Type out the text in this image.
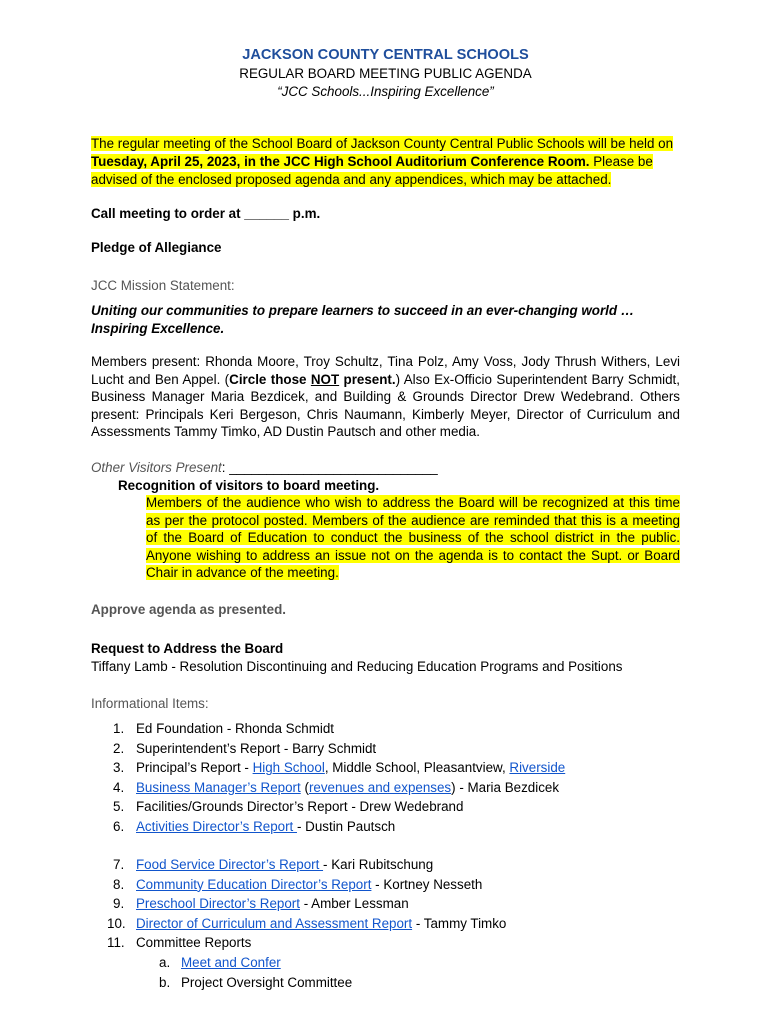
JACKSON COUNTY CENTRAL SCHOOLS
REGULAR BOARD MEETING PUBLIC AGENDA
“JCC Schools...Inspiring Excellence”
The regular meeting of the School Board of Jackson County Central Public Schools will be held on Tuesday, April 25, 2023, in the JCC High School Auditorium Conference Room. Please be advised of the enclosed proposed agenda and any appendices, which may be attached.
Call meeting to order at ______ p.m.
Pledge of Allegiance
JCC Mission Statement:
Uniting our communities to prepare learners to succeed in an ever-changing world … Inspiring Excellence.
Members present: Rhonda Moore, Troy Schultz, Tina Polz, Amy Voss, Jody Thrush Withers, Levi Lucht and Ben Appel. (Circle those NOT present.) Also Ex-Officio Superintendent Barry Schmidt, Business Manager Maria Bezdicek, and Building & Grounds Director Drew Wedebrand. Others present: Principals Keri Bergeson, Chris Naumann, Kimberly Meyer, Director of Curriculum and Assessments Tammy Timko, AD Dustin Pautsch and other media.
Other Visitors Present: ____________________________
Recognition of visitors to board meeting.
Members of the audience who wish to address the Board will be recognized at this time as per the protocol posted. Members of the audience are reminded that this is a meeting of the Board of Education to conduct the business of the school district in the public. Anyone wishing to address an issue not on the agenda is to contact the Supt. or Board Chair in advance of the meeting.
Approve agenda as presented.
Request to Address the Board
Tiffany Lamb - Resolution Discontinuing and Reducing Education Programs and Positions
Informational Items:
1. Ed Foundation - Rhonda Schmidt
2. Superintendent’s Report - Barry Schmidt
3. Principal’s Report - High School, Middle School, Pleasantview, Riverside
4. Business Manager’s Report (revenues and expenses) - Maria Bezdicek
5. Facilities/Grounds Director’s Report - Drew Wedebrand
6. Activities Director’s Report - Dustin Pautsch
7. Food Service Director’s Report - Kari Rubitschung
8. Community Education Director’s Report - Kortney Nesseth
9. Preschool Director’s Report - Amber Lessman
10. Director of Curriculum and Assessment Report - Tammy Timko
11. Committee Reports
a. Meet and Confer
b. Project Oversight Committee
